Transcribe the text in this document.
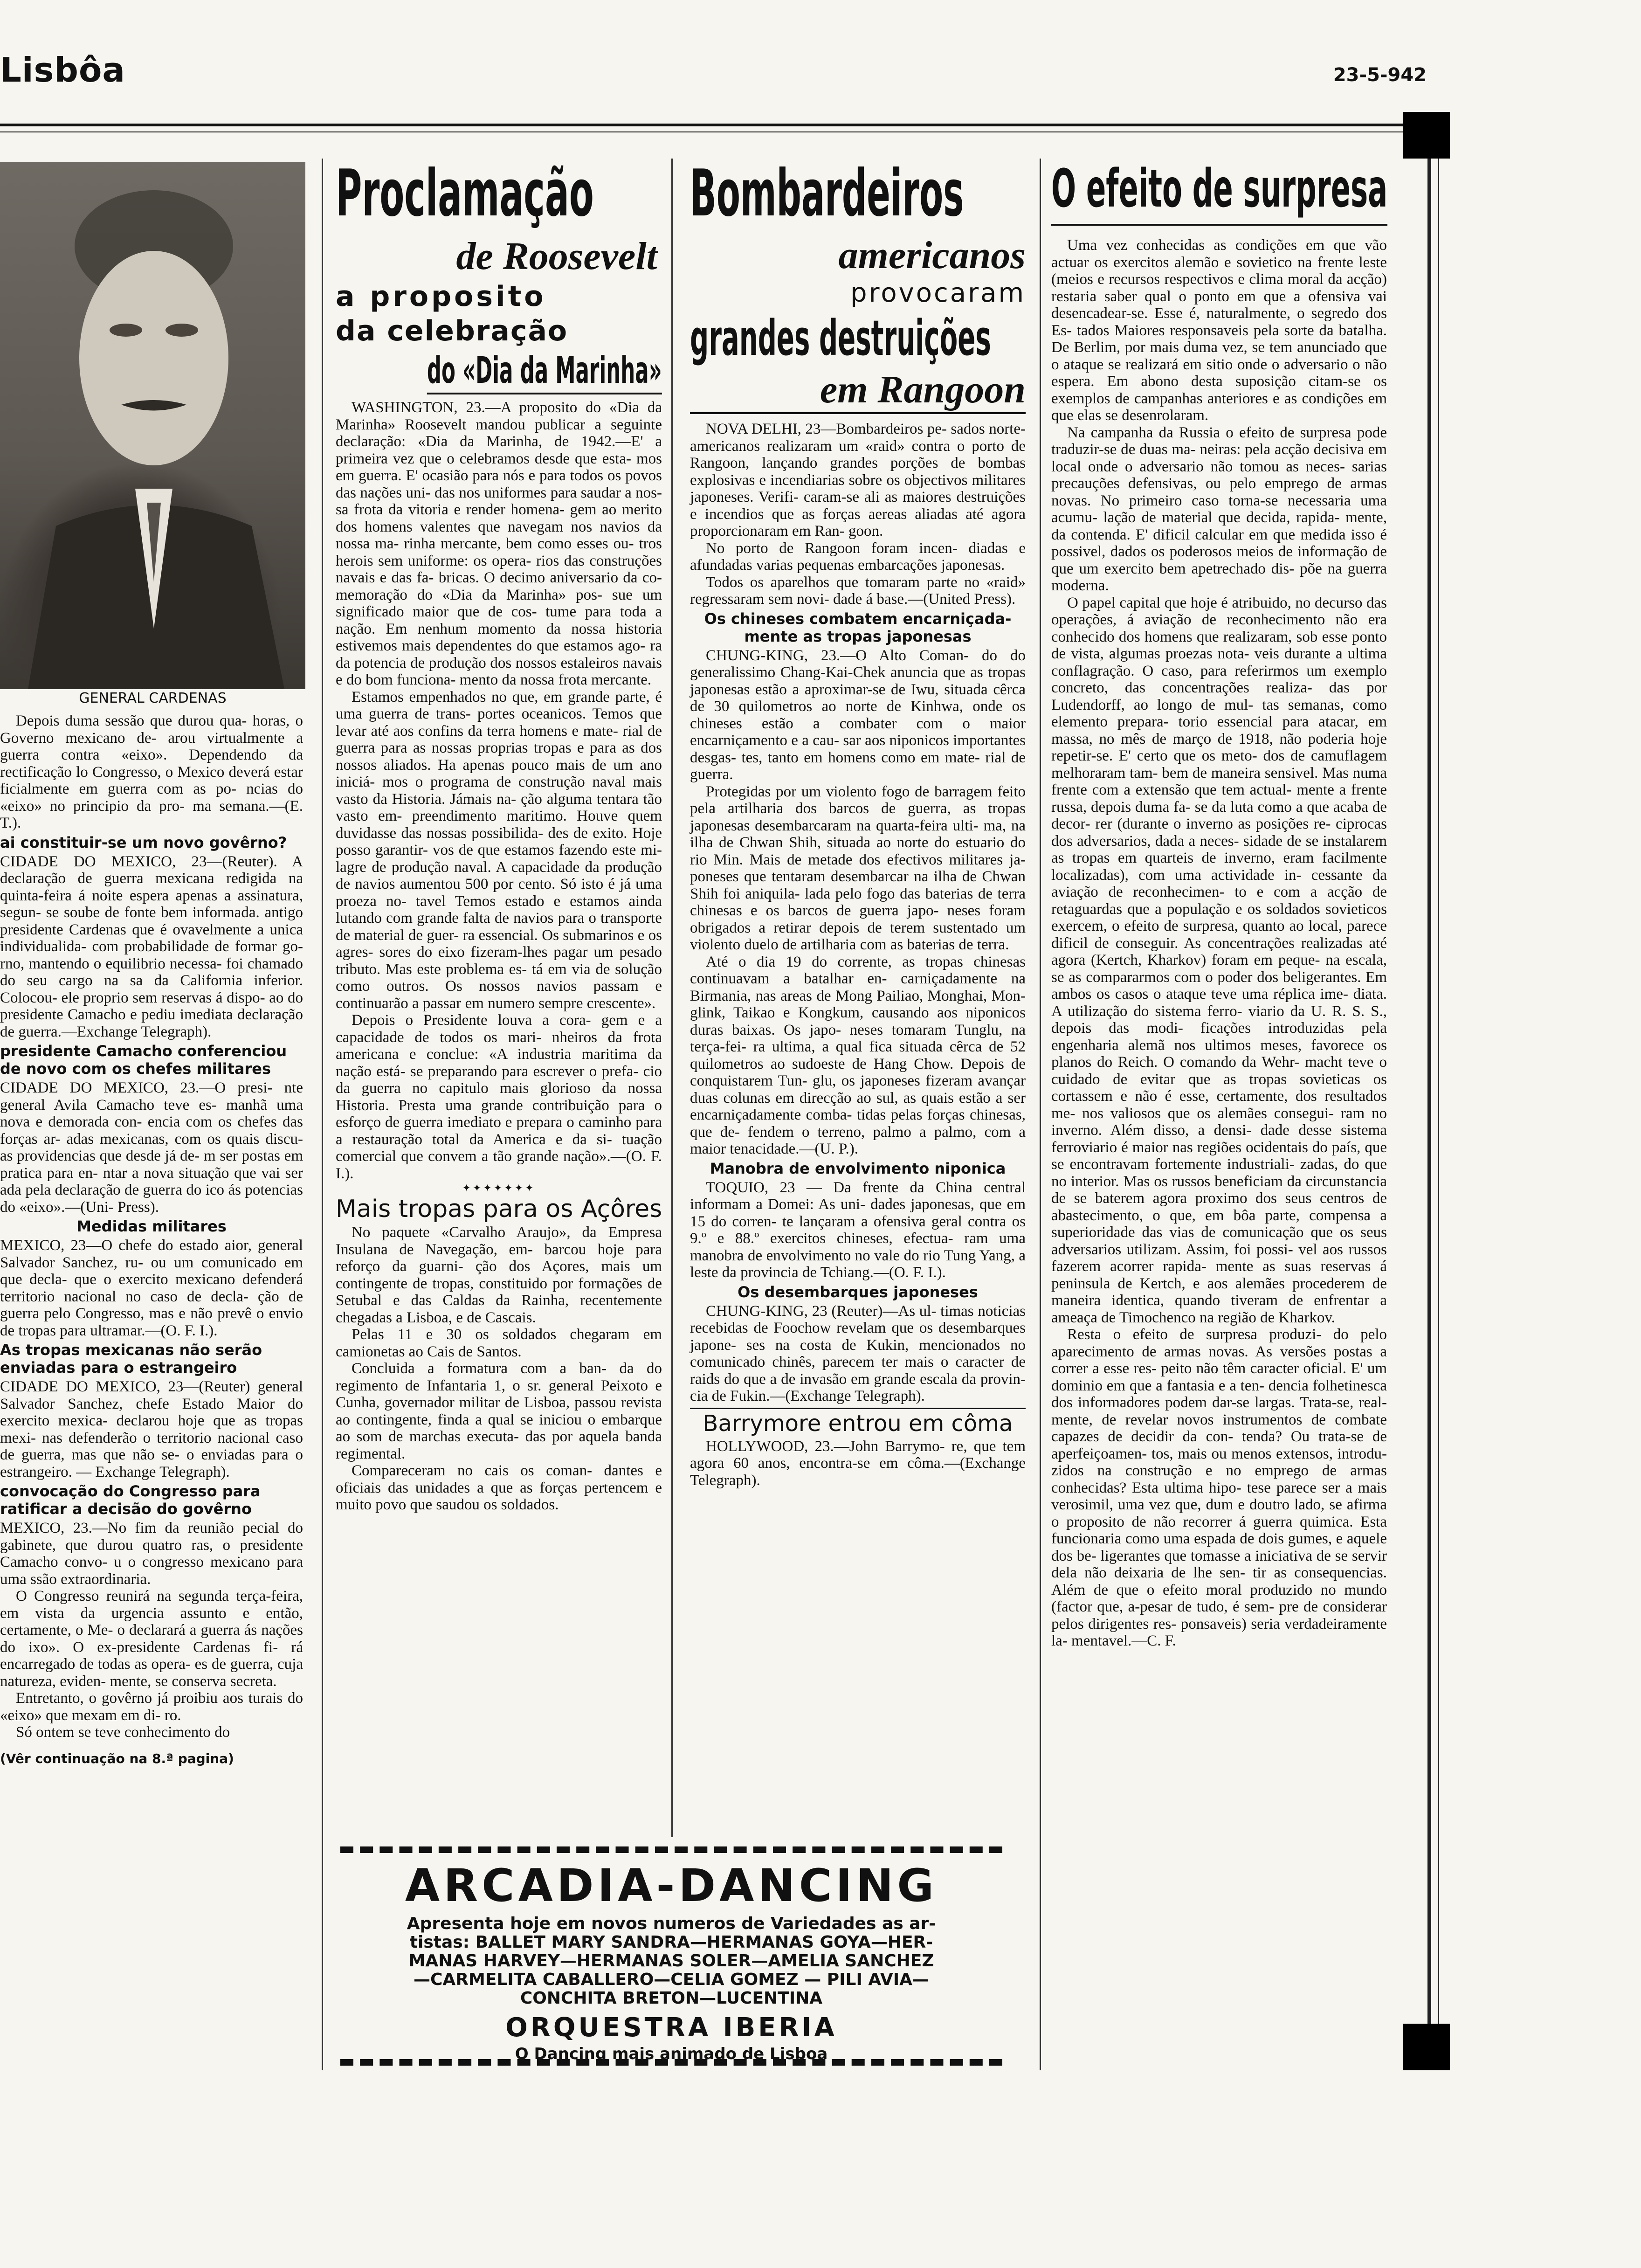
Lisbôa	23-5-942
GENERAL CARDENAS

Depois duma sessão que durou qua- horas, o Governo mexicano de- arou virtualmente a guerra contra «eixo». Dependendo da rectificação lo Congresso, o Mexico deverá estar ficialmente em guerra com as po- ncias do «eixo» no principio da pro- ma semana.—(E. T.).

ai constituir-se um novo govêrno?

CIDADE DO MEXICO, 23—(Reuter). A declaração de guerra mexicana redigida na quinta-feira á noite espera apenas a assinatura, segun- se soube de fonte bem informada. antigo presidente Cardenas que é ovavelmente a unica individualida- com probabilidade de formar go- rno, mantendo o equilibrio necessa- foi chamado do seu cargo na sa da California inferior. Colocou- ele proprio sem reservas á dispo- ao do presidente Camacho e pediu imediata declaração de guerra.—Exchange Telegraph).

presidente Camacho conferenciou de novo com os chefes militares

CIDADE DO MEXICO, 23.—O presi- nte general Avila Camacho teve es- manhã uma nova e demorada con- encia com os chefes das forças ar- adas mexicanas, com os quais discu- as providencias que desde já de- m ser postas em pratica para en- ntar a nova situação que vai ser ada pela declaração de guerra do ico ás potencias do «eixo».—(Uni- Press).

Medidas militares

MEXICO, 23—O chefe do estado aior, general Salvador Sanchez, ru- ou um comunicado em que decla- que o exercito mexicano defenderá territorio nacional no caso de decla- ção de guerra pelo Congresso, mas e não prevê o envio de tropas para ultramar.—(O. F. I.).

As tropas mexicanas não serão enviadas para o estrangeiro

CIDADE DO MEXICO, 23—(Reuter) general Salvador Sanchez, chefe Estado Maior do exercito mexica- declarou hoje que as tropas mexi- nas defenderão o territorio nacional caso de guerra, mas que não se- o enviadas para o estrangeiro. — Exchange Telegraph).

convocação do Congresso para ratificar a decisão do govêrno

MEXICO, 23.—No fim da reunião pecial do gabinete, que durou quatro ras, o presidente Camacho convo- u o congresso mexicano para uma ssão extraordinaria.

O Congresso reunirá na segunda terça-feira, em vista da urgencia assunto e então, certamente, o Me- o declarará a guerra ás nações do ixo». O ex-presidente Cardenas fi- rá encarregado de todas as opera- es de guerra, cuja natureza, eviden- mente, se conserva secreta.

Entretanto, o govêrno já proibiu aos turais do «eixo» que mexam em di- ro.

Só ontem se teve conhecimento do

(Vêr continuação na 8.ª pagina)

Proclamação
de Roosevelt
a proposito
da celebração
do «Dia da Marinha»

WASHINGTON, 23.—A proposito do «Dia da Marinha» Roosevelt mandou publicar a seguinte declaração: «Dia da Marinha, de 1942.—E' a primeira vez que o celebramos desde que esta- mos em guerra. E' ocasião para nós e para todos os povos das nações uni- das nos uniformes para saudar a nos- sa frota da vitoria e render homena- gem ao merito dos homens valentes que navegam nos navios da nossa ma- rinha mercante, bem como esses ou- tros herois sem uniforme: os opera- rios das construções navais e das fa- bricas. O decimo aniversario da co- memoração do «Dia da Marinha» pos- sue um significado maior que de cos- tume para toda a nação. Em nenhum momento da nossa historia estivemos mais dependentes do que estamos ago- ra da potencia de produção dos nossos estaleiros navais e do bom funciona- mento da nossa frota mercante.

Estamos empenhados no que, em grande parte, é uma guerra de trans- portes oceanicos. Temos que levar até aos confins da terra homens e mate- rial de guerra para as nossas proprias tropas e para as dos nossos aliados. Ha apenas pouco mais de um ano iniciá- mos o programa de construção naval mais vasto da Historia. Jámais na- ção alguma tentara tão vasto em- preendimento maritimo. Houve quem duvidasse das nossas possibilida- des de exito. Hoje posso garantir- vos de que estamos fazendo este mi- lagre de produção naval. A capacidade da produção de navios aumentou 500 por cento. Só isto é já uma proeza no- tavel Temos estado e estamos ainda lutando com grande falta de navios para o transporte de material de guer- ra essencial. Os submarinos e os agres- sores do eixo fizeram-lhes pagar um pesado tributo. Mas este problema es- tá em via de solução como outros. Os nossos navios passam e continuarão a passar em numero sempre crescente».

Depois o Presidente louva a cora- gem e a capacidade de todos os mari- nheiros da frota americana e conclue: «A industria maritima da nação está- se preparando para escrever o prefa- cio da guerra no capitulo mais glorioso da nossa Historia. Presta uma grande contribuição para o esforço de guerra imediato e prepara o caminho para a restauração total da America e da si- tuação comercial que convem a tão grande nação».—(O. F. I.).

✦✦✦✦✦✦✦

Mais tropas para os Açôres

No paquete «Carvalho Araujo», da Empresa Insulana de Navegação, em- barcou hoje para reforço da guarni- ção dos Açores, mais um contingente de tropas, constituido por formações de Setubal e das Caldas da Rainha, recentemente chegadas a Lisboa, e de Cascais.

Pelas 11 e 30 os soldados chegaram em camionetas ao Cais de Santos.

Concluida a formatura com a ban- da do regimento de Infantaria 1, o sr. general Peixoto e Cunha, governador militar de Lisboa, passou revista ao contingente, finda a qual se iniciou o embarque ao som de marchas executa- das por aquela banda regimental.

Compareceram no cais os coman- dantes e oficiais das unidades a que as forças pertencem e muito povo que saudou os soldados.

Bombardeiros
americanos
provocaram
grandes destruições
em Rangoon

NOVA DELHI, 23—Bombardeiros pe- sados norte-americanos realizaram um «raid» contra o porto de Rangoon, lançando grandes porções de bombas explosivas e incendiarias sobre os objectivos militares japoneses. Verifi- caram-se ali as maiores destruições e incendios que as forças aereas aliadas até agora proporcionaram em Ran- goon.

No porto de Rangoon foram incen- diadas e afundadas varias pequenas embarcações japonesas.

Todos os aparelhos que tomaram parte no «raid» regressaram sem novi- dade á base.—(United Press).

Os chineses combatem encarniçada- mente as tropas japonesas

CHUNG-KING, 23.—O Alto Coman- do do generalissimo Chang-Kai-Chek anuncia que as tropas japonesas estão a aproximar-se de Iwu, situada cêrca de 30 quilometros ao norte de Kinhwa, onde os chineses estão a combater com o maior encarniçamento e a cau- sar aos niponicos importantes desgas- tes, tanto em homens como em mate- rial de guerra.

Protegidas por um violento fogo de barragem feito pela artilharia dos barcos de guerra, as tropas japonesas desembarcaram na quarta-feira ulti- ma, na ilha de Chwan Shih, situada ao norte do estuario do rio Min. Mais de metade dos efectivos militares ja- poneses que tentaram desembarcar na ilha de Chwan Shih foi aniquila- lada pelo fogo das baterias de terra chinesas e os barcos de guerra japo- neses foram obrigados a retirar depois de terem sustentado um violento duelo de artilharia com as baterias de terra.

Até o dia 19 do corrente, as tropas chinesas continuavam a batalhar en- carniçadamente na Birmania, nas areas de Mong Pailiao, Monghai, Mon- glink, Taikao e Kongkum, causando aos niponicos duras baixas. Os japo- neses tomaram Tunglu, na terça-fei- ra ultima, a qual fica situada cêrca de 52 quilometros ao sudoeste de Hang Chow. Depois de conquistarem Tun- glu, os japoneses fizeram avançar duas colunas em direcção ao sul, as quais estão a ser encarniçadamente comba- tidas pelas forças chinesas, que de- fendem o terreno, palmo a palmo, com a maior tenacidade.—(U. P.).

Manobra de envolvimento niponica

TOQUIO, 23 — Da frente da China central informam a Domei: As uni- dades japonesas, que em 15 do corren- te lançaram a ofensiva geral contra os 9.º e 88.º exercitos chineses, efectua- ram uma manobra de envolvimento no vale do rio Tung Yang, a leste da provincia de Tchiang.—(O. F. I.).

Os desembarques japoneses

CHUNG-KING, 23 (Reuter)—As ul- timas noticias recebidas de Foochow revelam que os desembarques japone- ses na costa de Kukin, mencionados no comunicado chinês, parecem ter mais o caracter de raids do que a de invasão em grande escala da provin- cia de Fukin.—(Exchange Telegraph).

Barrymore entrou em côma

HOLLYWOOD, 23.—John Barrymo- re, que tem agora 60 anos, encontra-se em côma.—(Exchange Telegraph).

O efeito de surpresa

Uma vez conhecidas as condições em que vão actuar os exercitos alemão e sovietico na frente leste (meios e recursos respectivos e clima moral da acção) restaria saber qual o ponto em que a ofensiva vai desencadear-se. Esse é, naturalmente, o segredo dos Es- tados Maiores responsaveis pela sorte da batalha. De Berlim, por mais duma vez, se tem anunciado que o ataque se realizará em sitio onde o adversario o não espera. Em abono desta suposição citam-se os exemplos de campanhas anteriores e as condições em que elas se desenrolaram.

Na campanha da Russia o efeito de surpresa pode traduzir-se de duas ma- neiras: pela acção decisiva em local onde o adversario não tomou as neces- sarias precauções defensivas, ou pelo emprego de armas novas. No primeiro caso torna-se necessaria uma acumu- lação de material que decida, rapida- mente, da contenda. E' dificil calcular em que medida isso é possivel, dados os poderosos meios de informação de que um exercito bem apetrechado dis- põe na guerra moderna.

O papel capital que hoje é atribuido, no decurso das operações, á aviação de reconhecimento não era conhecido dos homens que realizaram, sob esse ponto de vista, algumas proezas nota- veis durante a ultima conflagração. O caso, para referirmos um exemplo concreto, das concentrações realiza- das por Ludendorff, ao longo de mul- tas semanas, como elemento prepara- torio essencial para atacar, em massa, no mês de março de 1918, não poderia hoje repetir-se. E' certo que os meto- dos de camuflagem melhoraram tam- bem de maneira sensivel. Mas numa frente com a extensão que tem actual- mente a frente russa, depois duma fa- se da luta como a que acaba de decor- rer (durante o inverno as posições re- ciprocas dos adversarios, dada a neces- sidade de se instalarem as tropas em quarteis de inverno, eram facilmente localizadas), com uma actividade in- cessante da aviação de reconhecimen- to e com a acção de retaguardas que a população e os soldados sovieticos exercem, o efeito de surpresa, quanto ao local, parece dificil de conseguir. As concentrações realizadas até agora (Kertch, Kharkov) foram em peque- na escala, se as compararmos com o poder dos beligerantes. Em ambos os casos o ataque teve uma réplica ime- diata. A utilização do sistema ferro- viario da U. R. S. S., depois das modi- ficações introduzidas pela engenharia alemã nos ultimos meses, favorece os planos do Reich. O comando da Wehr- macht teve o cuidado de evitar que as tropas sovieticas os cortassem e não é esse, certamente, dos resultados me- nos valiosos que os alemães consegui- ram no inverno. Além disso, a densi- dade desse sistema ferroviario é maior nas regiões ocidentais do país, que se encontravam fortemente industriali- zadas, do que no interior. Mas os russos beneficiam da circunstancia de se baterem agora proximo dos seus centros de abastecimento, o que, em bôa parte, compensa a superioridade das vias de comunicação que os seus adversarios utilizam. Assim, foi possi- vel aos russos fazerem acorrer rapida- mente as suas reservas á peninsula de Kertch, e aos alemães procederem de maneira identica, quando tiveram de enfrentar a ameaça de Timochenco na região de Kharkov.

Resta o efeito de surpresa produzi- do pelo aparecimento de armas novas. As versões postas a correr a esse res- peito não têm caracter oficial. E' um dominio em que a fantasia e a ten- dencia folhetinesca dos informadores podem dar-se largas. Trata-se, real- mente, de revelar novos instrumentos de combate capazes de decidir da con- tenda? Ou trata-se de aperfeiçoamen- tos, mais ou menos extensos, introdu- zidos na construção e no emprego de armas conhecidas? Esta ultima hipo- tese parece ser a mais verosimil, uma vez que, dum e doutro lado, se afirma o proposito de não recorrer á guerra quimica. Esta funcionaria como uma espada de dois gumes, e aquele dos be- ligerantes que tomasse a iniciativa de se servir dela não deixaria de lhe sen- tir as consequencias. Além de que o efeito moral produzido no mundo (factor que, a-pesar de tudo, é sem- pre de considerar pelos dirigentes res- ponsaveis) seria verdadeiramente la- mentavel.—C. F.

ARCADIA-DANCING

Apresenta hoje em novos numeros de Variedades as ar-

tistas: BALLET MARY SANDRA—HERMANAS GOYA—HER-

MANAS HARVEY—HERMANAS SOLER—AMELIA SANCHEZ

—CARMELITA CABALLERO—CELIA GOMEZ — PILI AVIA—

CONCHITA BRETON—LUCENTINA

ORQUESTRA IBERIA

O Dancing mais animado de Lisboa
